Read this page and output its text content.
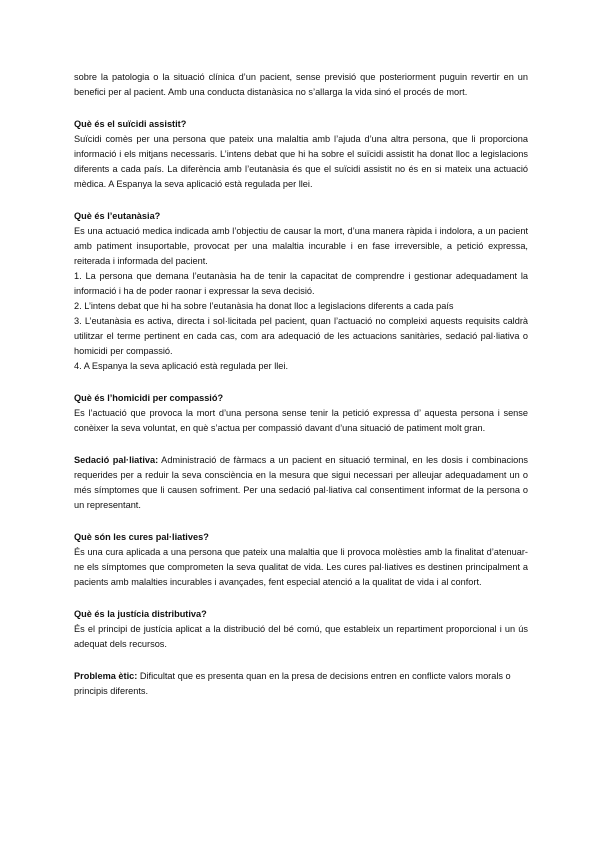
sobre la patologia o la situació clínica d’un pacient, sense previsió que posteriorment puguin revertir en un benefici per al pacient. Amb una conducta distanàsica no s’allarga la vida sinó el procés de mort.

Què és el suïcidi assistit?

Suïcidi comès per una persona que pateix una malaltia amb l’ajuda d’una altra persona, que li proporciona informació i els mitjans necessaris. L’intens debat que hi ha sobre el suïcidi assistit ha donat lloc a legislacions diferents a cada país. La diferència amb l’eutanàsia és que el suïcidi assistit no és en si mateix una actuació mèdica. A Espanya la seva aplicació està regulada per llei.

Què és l’eutanàsia?

Es una actuació medica indicada amb l’objectiu de causar la mort, d’una manera ràpida i indolora, a un pacient amb patiment insuportable, provocat per una malaltia incurable i en fase irreversible, a petició expressa, reiterada i informada del pacient.

1. La persona que demana l’eutanàsia ha de tenir la capacitat de comprendre i gestionar adequadament la informació i ha de poder raonar i expressar la seva decisió.

2. L’intens debat que hi ha sobre l’eutanàsia ha donat lloc a legislacions diferents a cada país

3. L’eutanàsia es activa, directa i sol·licitada pel pacient, quan l’actuació no compleixi aquests requisits caldrà utilitzar el terme pertinent en cada cas, com ara adequació de les actuacions sanitàries, sedació pal·liativa o homicidi per compassió.

4. A Espanya la seva aplicació està regulada per llei.

Què és l’homicidi per compassió?

Es l’actuació que provoca la mort d’una persona sense tenir la petició expressa d’ aquesta persona i sense conèixer la seva voluntat, en què s’actua per compassió davant d’una situació de patiment molt gran.

Sedació pal·liativa: Administració de fàrmacs a un pacient en situació terminal, en les dosis i combinacions requerides per a reduir la seva consciència en la mesura que sigui necessari per alleujar adequadament un o més símptomes que li causen sofriment. Per una sedació pal·liativa cal consentiment informat de la persona o un representant.

Què són les cures pal·liatives?

És una cura aplicada a una persona que pateix una malaltia que li provoca molèsties amb la finalitat d’atenuar-ne els símptomes que comprometen la seva qualitat de vida. Les cures pal·liatives es destinen principalment a pacients amb malalties incurables i avançades, fent especial atenció a la qualitat de vida i al confort.

Què és la justícia distributiva?

És el principi de justícia aplicat a la distribució del bé comú, que estableix un repartiment proporcional i un ús adequat dels recursos.

Problema ètic: Dificultat que es presenta quan en la presa de decisions entren en conflicte valors morals o principis diferents.
